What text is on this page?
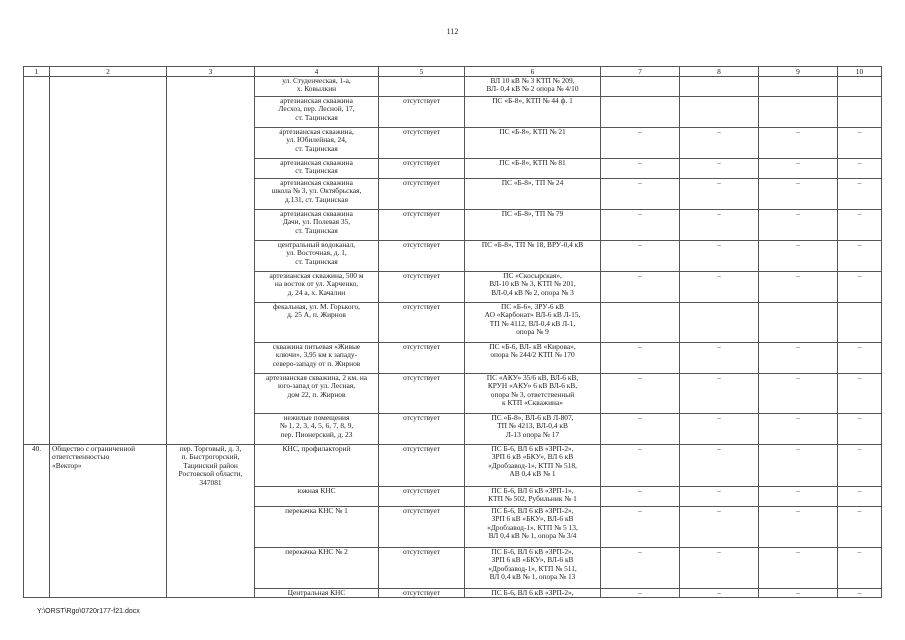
112
1	2	3	4	5	6	7	8	9	10
			ул. Студенческая, 1-а,
х. Ковылкин		ВЛ 10 кВ № 3 КТП № 209,
ВЛ- 0,4 кВ № 2 опора № 4/10				
			артезианская скважина
Лесхоз, пер. Лесной, 17,
ст. Тацинская	отсутствует	ПС «Б-8», КТП № 44 ф. 1				
			артезианская скважина,
ул. Юбилейная, 24,
ст. Тацинская	отсутствует	ПС «Б-8», КТП № 21	–	–	–	–
			артезианская скважина
ст. Тацинская	отсутствует	ПС «Б-8», КТП № 81	–	–	–	–
			артезианская скважина
школа № 3, ул. Октябрьская,
д.131, ст. Тацинская	отсутствует	ПС «Б-8», ТП № 24	–	–	–	–
			артезианская скважина
Дачи, ул. Полевая 35,
ст. Тацинская	отсутствует	ПС «Б-8», ТП № 79	–	–	–	–
			центральный водоканал,
ул. Восточная, д. 1,
ст. Тацинская	отсутствует	ПС «Б-8», ТП № 18, ВРУ-0,4 кВ	–	–	–	–
			артезианская скважина, 500 м
на восток от ул. Харченко,
д. 24 а, х. Качалин	отсутствует	ПС «Скосырская»,
ВЛ-10 кВ № 3, КТП № 201,
ВЛ-0,4 кВ № 2, опора № 3	–	–	–	–
			фекальная, ул. М. Горького,
д. 25 А, п. Жирнов	отсутствует	ПС «Б-6», ЗРУ-6 кВ
АО «Карбонат» ВЛ-6 кВ Л-15,
ТП № 4112, ВЛ-0,4 кВ Л-1,
опора № 9				
			скважина питьевая «Живые
ключи», 3,95 км к западу-
северо-западу от п. Жирнов	отсутствует	ПС «Б-6, ВЛ- кВ «Кирова»,
опора № 244/2 КТП № 170	–	–	–	–
			артезианская скважина, 2 км. на
юго-запад от ул. Лесная,
дом 22, п. Жирнов	отсутствует	ПС «АКУ» 35/6 кВ, ВЛ-6 кВ,
КРУН «АКУ» 6 кВ ВЛ-6 кВ,
опора № 3, ответственный
к КТП «Скважина»	–	–	–	–
			нежилые помещения
№ 1, 2, 3, 4, 5, 6, 7, 8, 9,
пер. Пионерский, д. 23	отсутствует	ПС «Б-8», ВЛ-6 кВ Л-807,
ТП № 4213, ВЛ-0,4 кВ
Л-13 опора № 17	–	–	–	–
40.	Общество с ограниченной
ответственностью
«Вектор»	пер. Торговый, д. 3,
п. Быстрогорский,
Тацинский район
Ростовской области,
347081	КНС, профилакторий	отсутствует	ПС Б-6, ВЛ 6 кВ «ЗРП-2»,
ЗРП 6 кВ «БКУ», ВЛ 6 кВ
«Дробзавод-1», КТП № 518,
АВ 0,4 кВ № 1	–	–	–	–
			южная КНС	отсутствует	ПС Б-6, ВЛ 6 кВ «ЗРП-1»,
КТП № 502, Рубильник № 1	–	–	–	–
			перекачка КНС № 1	отсутствует	ПС Б-6, ВЛ 6 кВ «ЗРП-2»,
ЗРП 6 кВ «БКУ», ВЛ-6 кВ
«Дробзавод-1», КТП № 5 13,
ВЛ 0,4 кВ № 1, опора № 3/4	–	–	–	–
			перекачка КНС № 2	отсутствует	ПС Б-6, ВЛ 6 кВ «ЗРП-2»,
ЗРП 6 кВ «БКУ», ВЛ-6 кВ
«Дробзавод-1», КТП № 511,
ВЛ 0,4 кВ № 1, опора № 13	–	–	–	–
			Центральная КНС	отсутствует	ПС Б-6, ВЛ 6 кВ «ЗРП-2»,	–	–	–	–
Y:\ORST\Rgo\0720r177-f21.docx
